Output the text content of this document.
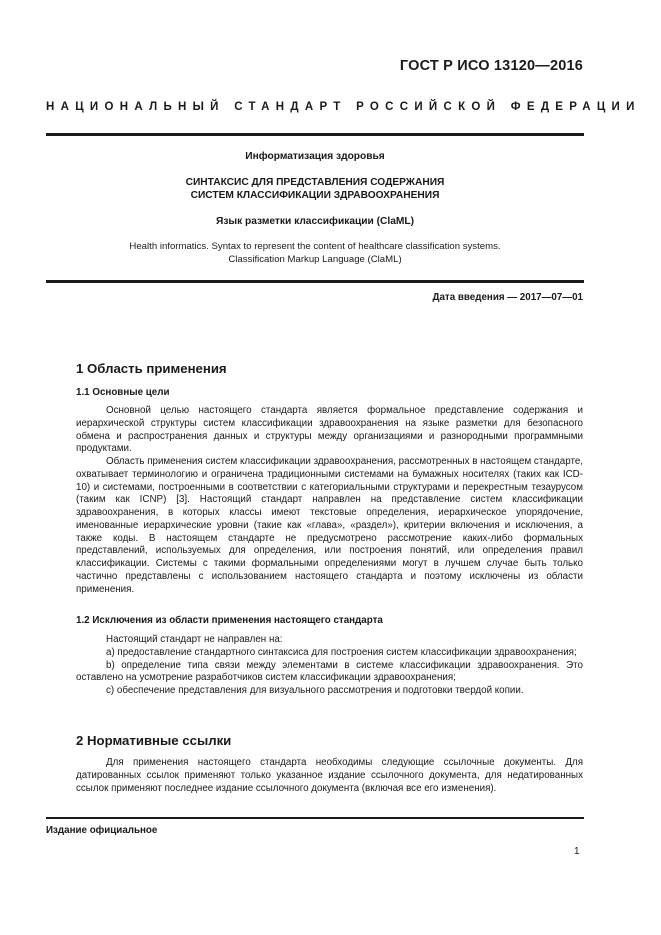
ГОСТ Р ИСО 13120—2016
НАЦИОНАЛЬНЫЙ СТАНДАРТ РОССИЙСКОЙ ФЕДЕРАЦИИ
Информатизация здоровья
СИНТАКСИС ДЛЯ ПРЕДСТАВЛЕНИЯ СОДЕРЖАНИЯ
СИСТЕМ КЛАССИФИКАЦИИ ЗДРАВООХРАНЕНИЯ
Язык разметки классификации (ClaML)
Health informatics. Syntax to represent the content of healthcare classification systems.
Classification Markup Language (ClaML)
Дата введения — 2017—07—01
1 Область применения
1.1 Основные цели

Основной целью настоящего стандарта является формальное представление содержания и иерархической структуры систем классификации здравоохранения на языке разметки для безопасного обмена и распространения данных и структуры между организациями и разнородными программными продуктами.

Область применения систем классификации здравоохранения, рассмотренных в настоящем стандарте, охватывает терминологию и ограничена традиционными системами на бумажных носителях (таких как ICD-10) и системами, построенными в соответствии с категориальными структурами и перекрестным тезаурусом (таким как ICNP) [3]. Настоящий стандарт направлен на представление систем классификации здравоохранения, в которых классы имеют текстовые определения, иерархическое упорядочение, именованные иерархические уровни (такие как «глава», «раздел»), критерии включения и исключения, а также коды. В настоящем стандарте не предусмотрено рассмотрение каких-либо формальных представлений, используемых для определения, или построения понятий, или определения правил классификации. Системы с такими формальными определениями могут в лучшем случае быть только частично представлены с использованием настоящего стандарта и поэтому исключены из области применения.

1.2 Исключения из области применения настоящего стандарта

Настоящий стандарт не направлен на:

а) предоставление стандартного синтаксиса для построения систем классификации здравоохранения;

b) определение типа связи между элементами в системе классификации здравоохранения. Это оставлено на усмотрение разработчиков систем классификации здравоохранения;

с) обеспечение представления для визуального рассмотрения и подготовки твердой копии.

2 Нормативные ссылки

Для применения настоящего стандарта необходимы следующие ссылочные документы. Для датированных ссылок применяют только указанное издание ссылочного документа, для недатированных ссылок применяют последнее издание ссылочного документа (включая все его изменения).

Издание официальное
1
